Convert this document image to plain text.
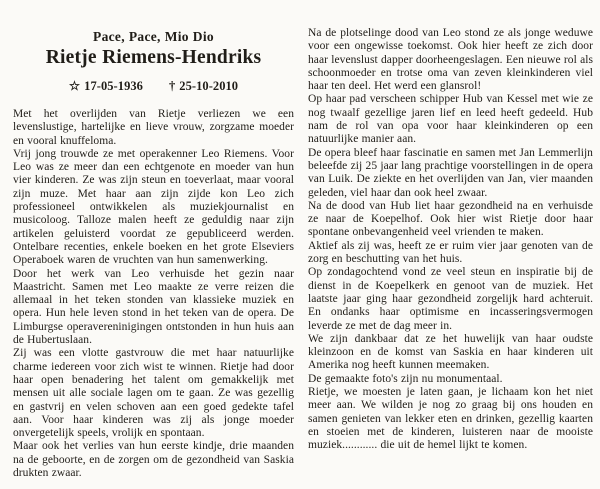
Pace, Pace, Mio Dio
Rietje Riemens-Hendriks
☆ 17-05-1936 † 25-10-2010

Met het overlijden van Rietje verliezen we een levenslustige, hartelijke en lieve vrouw, zorgzame moeder en vooral knuffeloma.

Vrij jong trouwde ze met operakenner Leo Riemens. Voor Leo was ze meer dan een echtgenote en moeder van hun vier kinderen. Ze was zijn steun en toeverlaat, maar vooral zijn muze. Met haar aan zijn zijde kon Leo zich professioneel ontwikkelen als muziekjournalist en musicoloog. Talloze malen heeft ze geduldig naar zijn artikelen geluisterd voordat ze gepubliceerd werden. Ontelbare recenties, enkele boeken en het grote Elseviers Operaboek waren de vruchten van hun samenwerking.

Door het werk van Leo verhuisde het gezin naar Maastricht. Samen met Leo maakte ze verre reizen die allemaal in het teken stonden van klassieke muziek en opera. Hun hele leven stond in het teken van de opera. De Limburgse operavereninigingen ontstonden in hun huis aan de Hubertuslaan.

Zij was een vlotte gastvrouw die met haar natuurlijke charme iedereen voor zich wist te winnen. Rietje had door haar open benadering het talent om gemakkelijk met mensen uit alle sociale lagen om te gaan. Ze was gezellig en gastvrij en velen schoven aan een goed gedekte tafel aan. Voor haar kinderen was zij als jonge moeder onvergetelijk speels, vrolijk en spontaan.

Maar ook het verlies van hun eerste kindje, drie maanden na de geboorte, en de zorgen om de gezondheid van Saskia drukten zwaar.

Na de plotselinge dood van Leo stond ze als jonge weduwe voor een ongewisse toekomst. Ook hier heeft ze zich door haar levenslust dapper doorheengeslagen. Een nieuwe rol als schoonmoeder en trotse oma van zeven kleinkinderen viel haar ten deel. Het werd een glansrol!

Op haar pad verscheen schipper Hub van Kessel met wie ze nog twaalf gezellige jaren lief en leed heeft gedeeld. Hub nam de rol van opa voor haar kleinkinderen op een natuurlijke manier aan.

De opera bleef haar fascinatie en samen met Jan Lemmerlijn beleefde zij 25 jaar lang prachtige voorstellingen in de opera van Luik. De ziekte en het overlijden van Jan, vier maanden geleden, viel haar dan ook heel zwaar.

Na de dood van Hub liet haar gezondheid na en verhuisde ze naar de Koepelhof. Ook hier wist Rietje door haar spontane onbevangenheid veel vrienden te maken.

Aktief als zij was, heeft ze er ruim vier jaar genoten van de zorg en beschutting van het huis.

Op zondagochtend vond ze veel steun en inspiratie bij de dienst in de Koepelkerk en genoot van de muziek. Het laatste jaar ging haar gezondheid zorgelijk hard achteruit. En ondanks haar optimisme en incasseringsvermogen leverde ze met de dag meer in.

We zijn dankbaar dat ze het huwelijk van haar oudste kleinzoon en de komst van Saskia en haar kinderen uit Amerika nog heeft kunnen meemaken.

De gemaakte foto's zijn nu monumentaal.

Rietje, we moesten je laten gaan, je lichaam kon het niet meer aan. We wilden je nog zo graag bij ons houden en samen genieten van lekker eten en drinken, gezellig kaarten en stoeien met de kinderen, luisteren naar de mooiste muziek............ die uit de hemel lijkt te komen.
